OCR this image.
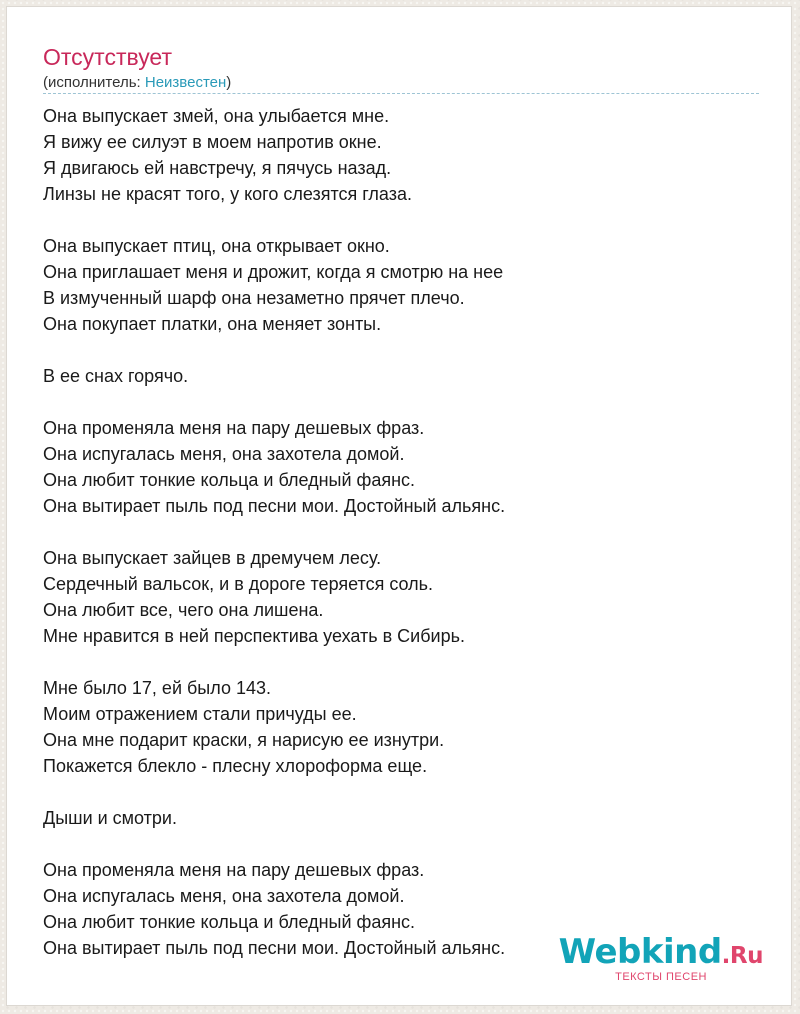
Отсутствует
(исполнитель: Неизвестен)
Она выпускает змей, она улыбается мне.
Я вижу ее силуэт в моем напротив окне.
Я двигаюсь ей навстречу, я пячусь назад.
Линзы не красят того, у кого слезятся глаза.
Она выпускает птиц, она открывает окно.
Она приглашает меня и дрожит, когда я смотрю на нее
В измученный шарф она незаметно прячет плечо.
Она покупает платки, она меняет зонты.
В ее снах горячо.
Она променяла меня на пару дешевых фраз.
Она испугалась меня, она захотела домой.
Она любит тонкие кольца и бледный фаянс.
Она вытирает пыль под песни мои. Достойный альянс.
Она выпускает зайцев в дремучем лесу.
Сердечный вальсок, и в дороге теряется соль.
Она любит все, чего она лишена.
Мне нравится в ней перспектива уехать в Сибирь.
Мне было 17, ей было 143.
Моим отражением стали причуды ее.
Она мне подарит краски, я нарисую ее изнутри.
Покажется блекло - плесну хлороформа еще.
Дыши и смотри.
Она променяла меня на пару дешевых фраз.
Она испугалась меня, она захотела домой.
Она любит тонкие кольца и бледный фаянс.
Она вытирает пыль под песни мои. Достойный альянс.	Webkind.Ru
ТЕКСТЫ ПЕСЕН
